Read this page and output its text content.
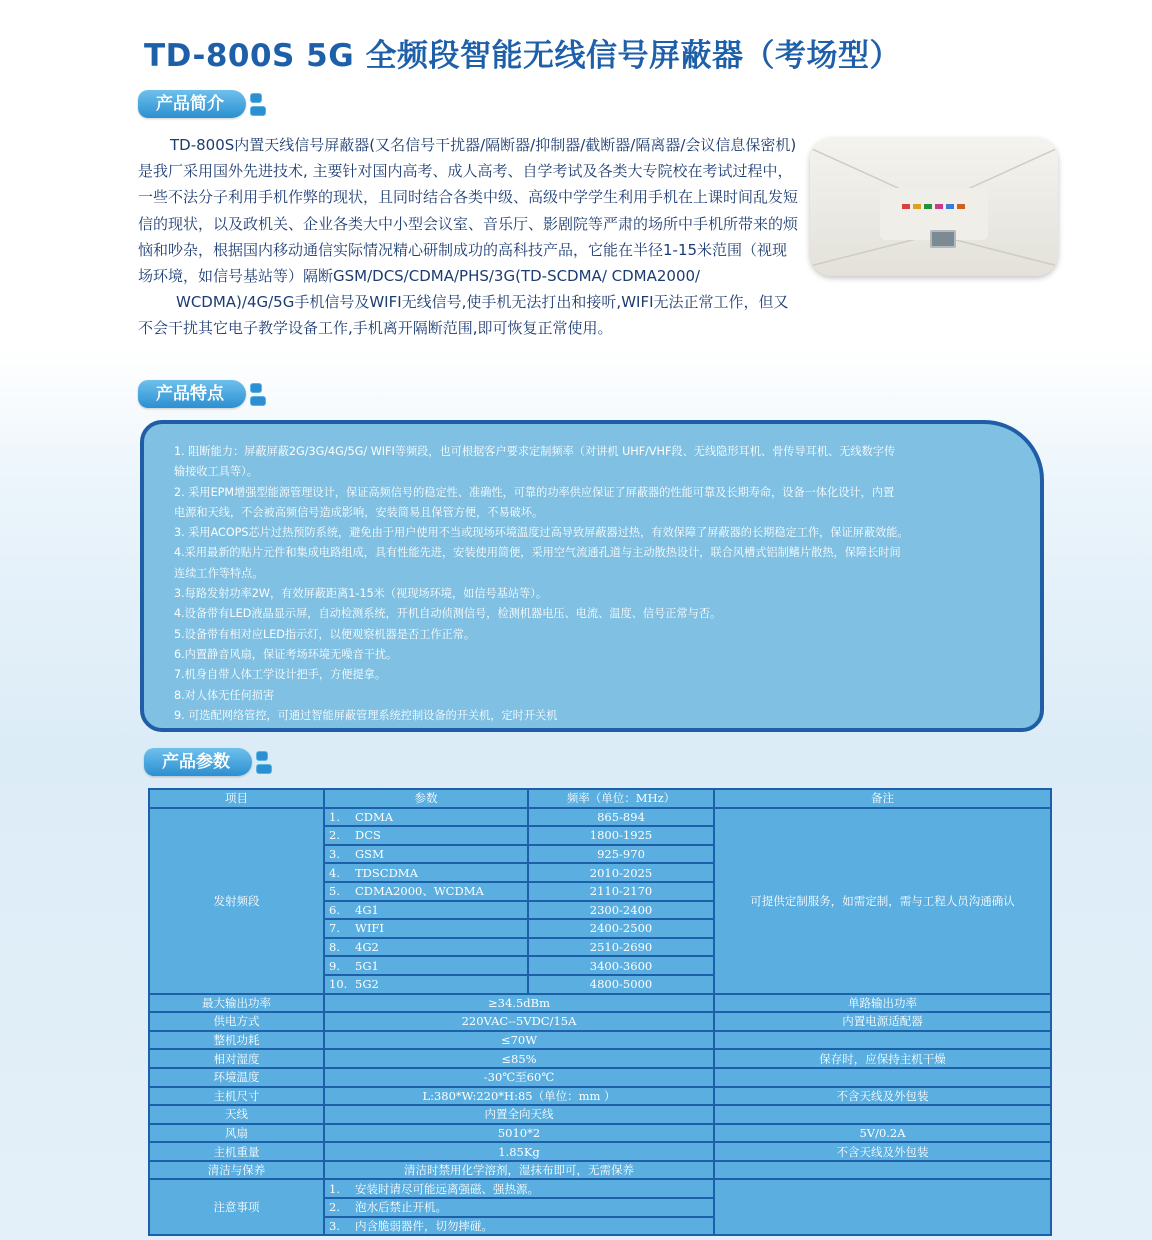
TD-800S 5G 全频段智能无线信号屏蔽器（考场型）
产品简介

TD-800S内置天线信号屏蔽器(又名信号干扰器/隔断器/抑制器/截断器/隔离器/会议信息保密机)是我厂采用国外先进技术, 主要针对国内高考、成人高考、自学考试及各类大专院校在考试过程中，一些不法分子利用手机作弊的现状，且同时结合各类中级、高级中学学生利用手机在上课时间乱发短信的现状，以及政机关、企业各类大中小型会议室、音乐厅、影剧院等严肃的场所中手机所带来的烦恼和吵杂，根据国内移动通信实际情况精心研制成功的高科技产品，它能在半径1-15米范围（视现场环境，如信号基站等）隔断GSM/DCS/CDMA/PHS/3G(TD-SCDMA/ CDMA2000/

WCDMA)/4G/5G手机信号及WIFI无线信号,使手机无法打出和接听,WIFI无法正常工作，但又不会干扰其它电子教学设备工作,手机离开隔断范围,即可恢复正常使用。

产品特点
1. 阻断能力：屏蔽屏蔽2G/3G/4G/5G/ WIFI等频段，也可根据客户要求定制频率（对讲机 UHF/VHF段、无线隐形耳机、骨传导耳机、无线数字传
输接收工具等）。
2. 采用EPM增强型能源管理设计，保证高频信号的稳定性、准确性，可靠的功率供应保证了屏蔽器的性能可靠及长期寿命，设备一体化设计，内置
电源和天线，不会被高频信号造成影响，安装简易且保管方便，不易破坏。
3. 采用ACOPS芯片过热预防系统，避免由于用户使用不当或现场环境温度过高导致屏蔽器过热，有效保障了屏蔽器的长期稳定工作，保证屏蔽效能。
4.采用最新的贴片元件和集成电路组成，具有性能先进，安装使用简便，采用空气流通孔道与主动散热设计，联合风槽式铝制鳍片散热，保障长时间
连续工作等特点。
3.每路发射功率2W，有效屏蔽距离1-15米（视现场环境，如信号基站等）。
4.设备带有LED液晶显示屏，自动检测系统，开机自动侦测信号，检测机器电压、电流、温度、信号正常与否。
5.设备带有相对应LED指示灯，以便观察机器是否工作正常。
6.内置静音风扇，保证考场环境无噪音干扰。
7.机身自带人体工学设计把手，方便提拿。
8.对人体无任何损害
9. 可选配网络管控，可通过智能屏蔽管理系统控制设备的开关机，定时开关机
产品参数
项目	参数	频率（单位：MHz）	备注
发射频段	1. CDMA	865-894	可提供定制服务，如需定制，需与工程人员沟通确认
	2. DCS	1800-1925	
	3. GSM	925-970	
	4. TDSCDMA	2010-2025	
	5. CDMA2000、WCDMA	2110-2170	
	6. 4G1	2300-2400	
	7. WIFI	2400-2500	
	8. 4G2	2510-2690	
	9. 5G1	3400-3600	
	10. 5G2	4800-5000	
最大输出功率	≥34.5dBm		单路输出功率
供电方式	220VAC--5VDC/15A		内置电源适配器
整机功耗	≤70W		
相对湿度	≤85%		保存时，应保持主机干燥
环境温度	-30℃至60℃		
主机尺寸	L:380*W:220*H:85（单位：mm ）		不含天线及外包装
天线	内置全向天线		
风扇	5010*2		5V/0.2A
主机重量	1.85Kg		不含天线及外包装
清洁与保养	清洁时禁用化学溶剂，湿抹布即可，无需保养		
注意事项	1. 安装时请尽可能远离强磁、强热源。		
	2. 泡水后禁止开机。		
	3. 内含脆弱器件，切勿摔碰。		
